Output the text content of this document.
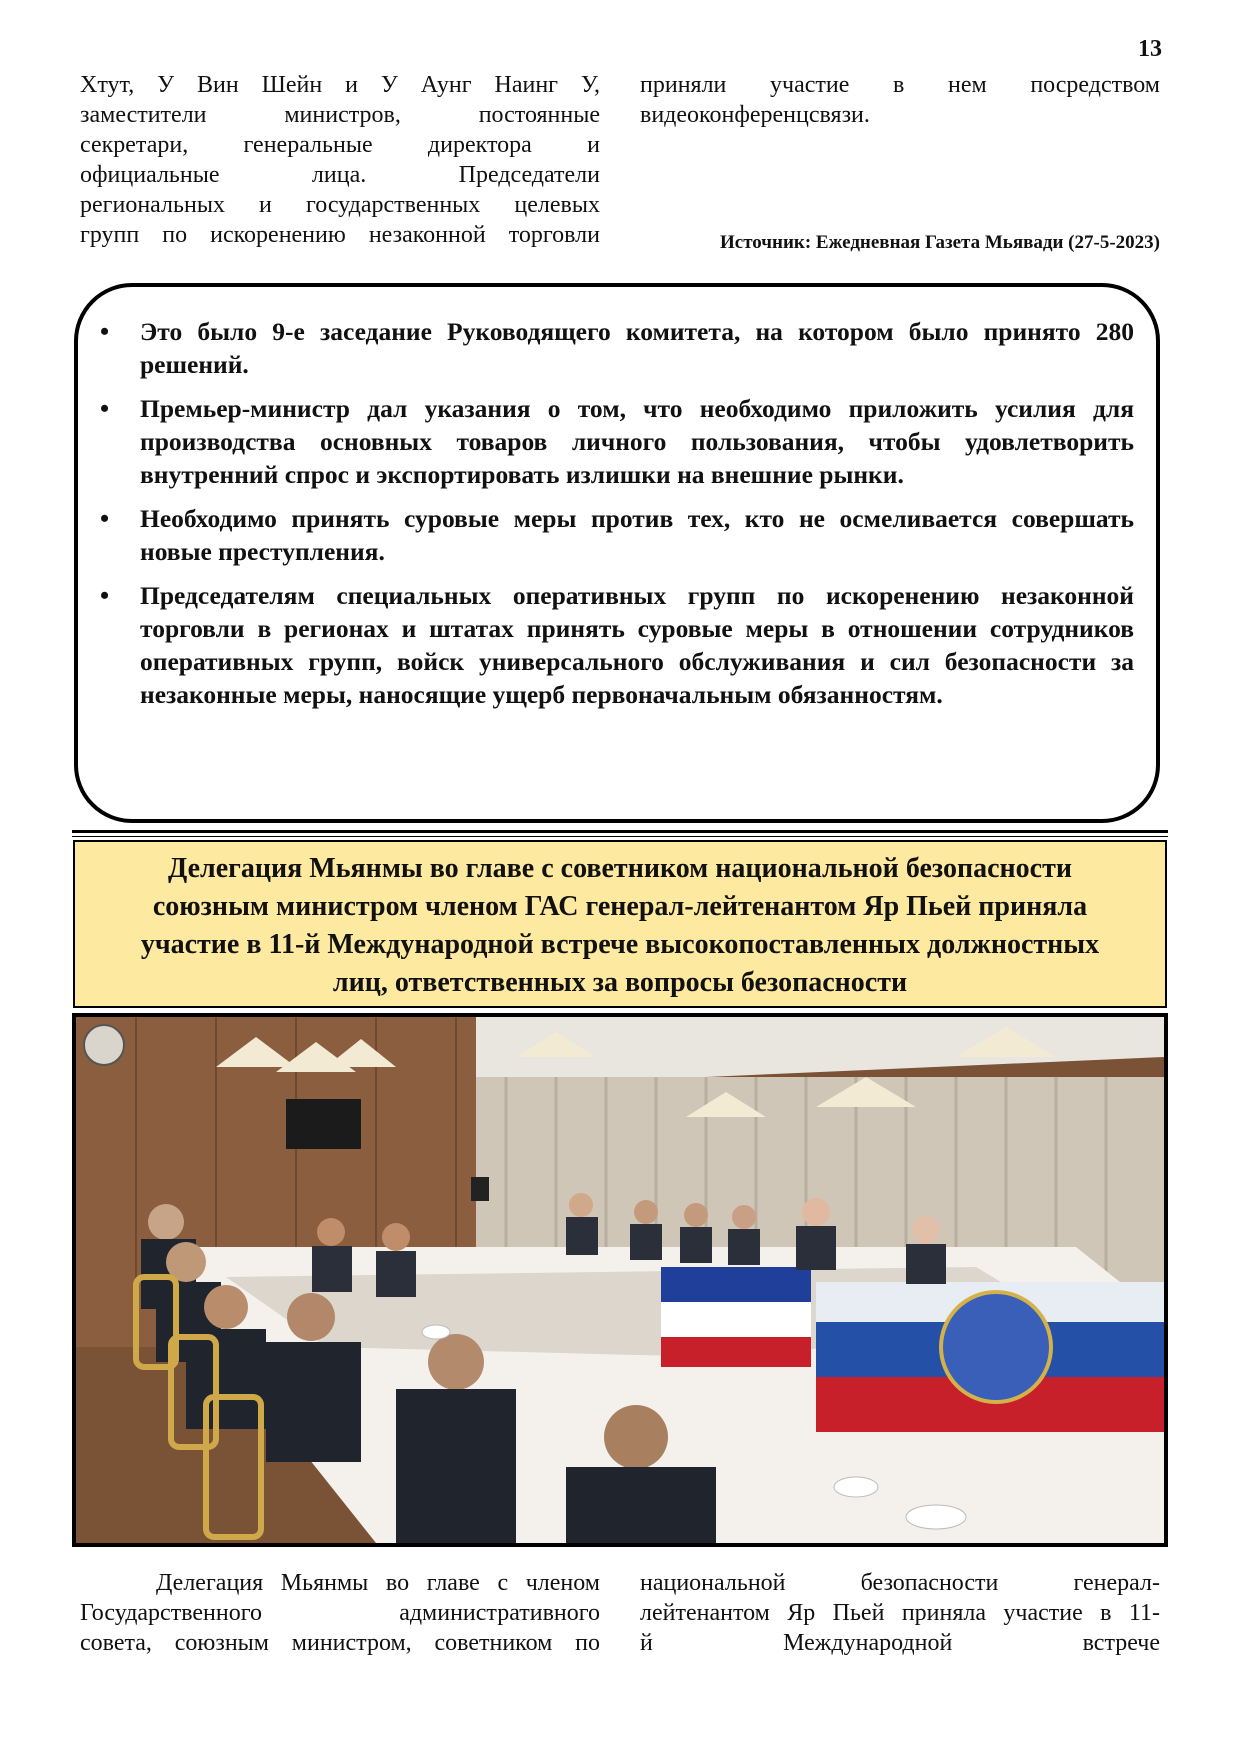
13
Хтут, У Вин Шейн и У Аунг Наинг У,
заместители министров, постоянные
секретари, генеральные директора и
официальные лица. Председатели
региональных и государственных целевых
групп по искоренению незаконной торговли
приняли участие в нем посредством
видеоконференцсвязи.
Источник: Ежедневная Газета Мьявади (27-5-2023)
• Это было 9-е заседание Руководящего комитета, на котором было принято 280 решений.
• Премьер-министр дал указания о том, что необходимо приложить усилия для производства основных товаров личного пользования, чтобы удовлетворить внутренний спрос и экспортировать излишки на внешние рынки.
• Необходимо принять суровые меры против тех, кто не осмеливается совершать новые преступления.
• Председателям специальных оперативных групп по искоренению незаконной торговли в регионах и штатах принять суровые меры в отношении сотрудников оперативных групп, войск универсального обслуживания и сил безопасности за незаконные меры, наносящие ущерб первоначальным обязанностям.
Делегация Мьянмы во главе с советником национальной безопасности
союзным министром членом ГАС генерал-лейтенантом Яр Пьей приняла
участие в 11-й Международной встрече высокопоставленных должностных
лиц, ответственных за вопросы безопасности
Делегация Мьянмы во главе с членом
Государственного административного
совета, союзным министром, советником по
национальной безопасности генерал-
лейтенантом Яр Пьей приняла участие в 11-
й Международной встрече
